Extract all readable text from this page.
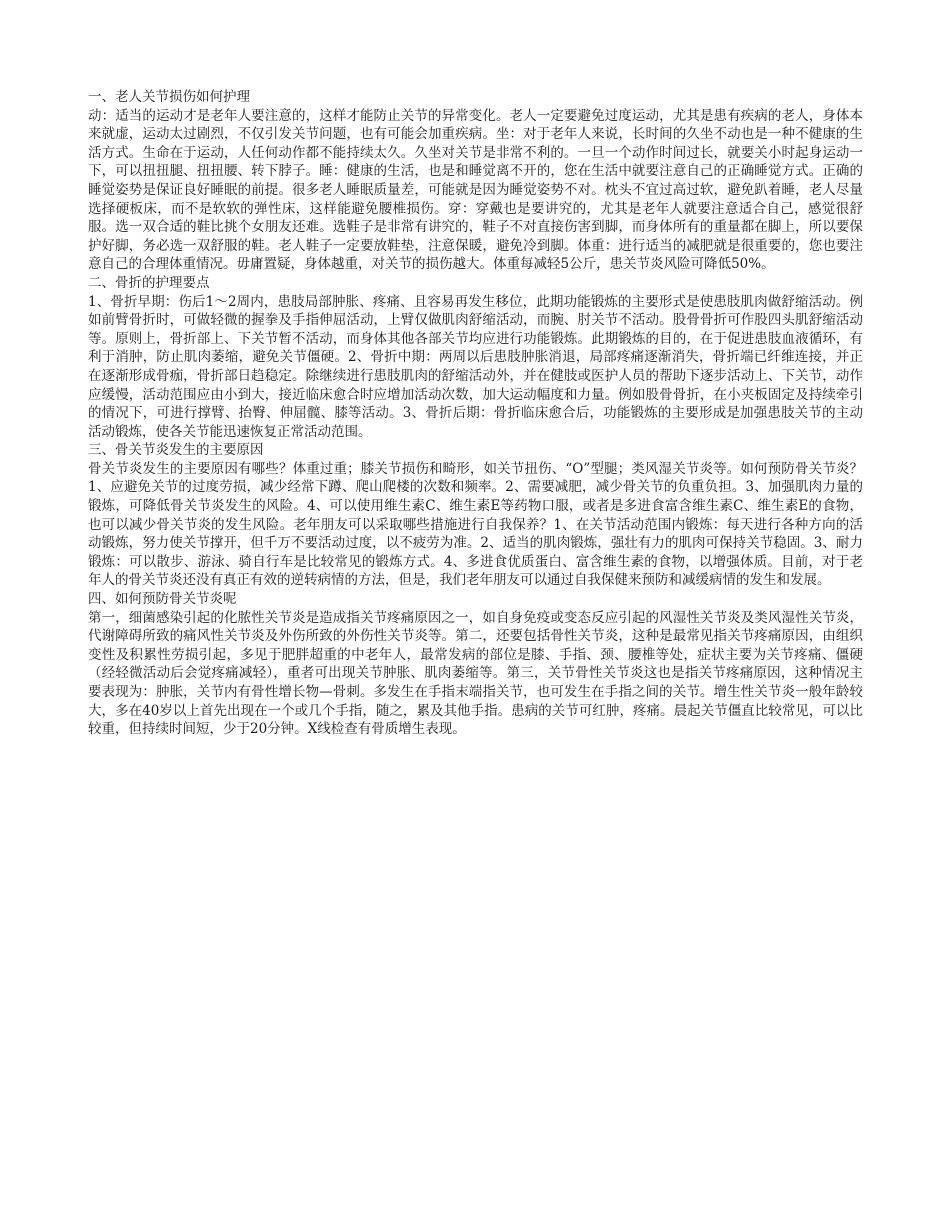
一、老人关节损伤如何护理

动：适当的运动才是老年人要注意的，这样才能防止关节的异常变化。老人一定要避免过度运动，尤其是患有疾病的老人，身体本来就虚，运动太过剧烈，不仅引发关节问题，也有可能会加重疾病。坐：对于老年人来说，长时间的久坐不动也是一种不健康的生活方式。生命在于运动，人任何动作都不能持续太久。久坐对关节是非常不利的。一旦一个动作时间过长，就要关小时起身运动一下，可以扭扭腿、扭扭腰、转下脖子。睡：健康的生活，也是和睡觉离不开的，您在生活中就要注意自己的正确睡觉方式。正确的睡觉姿势是保证良好睡眠的前提。很多老人睡眠质量差，可能就是因为睡觉姿势不对。枕头不宜过高过软，避免趴着睡，老人尽量选择硬板床，而不是软软的弹性床，这样能避免腰椎损伤。穿：穿戴也是要讲究的，尤其是老年人就要注意适合自己，感觉很舒服。选一双合适的鞋比挑个女朋友还难。选鞋子是非常有讲究的，鞋子不对直接伤害到脚，而身体所有的重量都在脚上，所以要保护好脚，务必选一双舒服的鞋。老人鞋子一定要放鞋垫，注意保暖，避免冷到脚。体重：进行适当的减肥就是很重要的，您也要注意自己的合理体重情况。毋庸置疑，身体越重，对关节的损伤越大。体重每减轻5公斤，患关节炎风险可降低50%。

二、骨折的护理要点

1、骨折早期：伤后1～2周内，患肢局部肿胀、疼痛、且容易再发生移位，此期功能锻炼的主要形式是使患肢肌肉做舒缩活动。例如前臂骨折时，可做轻微的握拳及手指伸屈活动，上臂仅做肌肉舒缩活动，而腕、肘关节不活动。股骨骨折可作股四头肌舒缩活动等。原则上，骨折部上、下关节暂不活动，而身体其他各部关节均应进行功能锻炼。此期锻炼的目的，在于促进患肢血液循环，有利于消肿，防止肌肉萎缩，避免关节僵硬。2、骨折中期：两周以后患肢肿胀消退，局部疼痛逐渐消失，骨折端已纤维连接，并正在逐渐形成骨痂，骨折部日趋稳定。除继续进行患肢肌肉的舒缩活动外，并在健肢或医护人员的帮助下逐步活动上、下关节，动作应缓慢，活动范围应由小到大，接近临床愈合时应增加活动次数，加大运动幅度和力量。例如股骨骨折，在小夹板固定及持续牵引的情况下，可进行撑臂、抬臀、伸屈髋、膝等活动。3、骨折后期：骨折临床愈合后，功能锻炼的主要形成是加强患肢关节的主动活动锻炼，使各关节能迅速恢复正常活动范围。

三、骨关节炎发生的主要原因

骨关节炎发生的主要原因有哪些？体重过重；膝关节损伤和畸形，如关节扭伤、“O”型腿；类风湿关节炎等。如何预防骨关节炎？1、应避免关节的过度劳损，减少经常下蹲、爬山爬楼的次数和频率。2、需要减肥，减少骨关节的负重负担。3、加强肌肉力量的锻炼，可降低骨关节炎发生的风险。4、可以使用维生素C、维生素E等药物口服，或者是多进食富含维生素C、维生素E的食物，也可以减少骨关节炎的发生风险。老年朋友可以采取哪些措施进行自我保养？1、在关节活动范围内锻炼：每天进行各种方向的活动锻炼，努力使关节撑开，但千万不要活动过度，以不疲劳为准。2、适当的肌肉锻炼，强壮有力的肌肉可保持关节稳固。3、耐力锻炼：可以散步、游泳、骑自行车是比较常见的锻炼方式。4、多进食优质蛋白、富含维生素的食物，以增强体质。目前，对于老年人的骨关节炎还没有真正有效的逆转病情的方法，但是，我们老年朋友可以通过自我保健来预防和减缓病情的发生和发展。

四、如何预防骨关节炎呢

第一，细菌感染引起的化脓性关节炎是造成指关节疼痛原因之一，如自身免疫或变态反应引起的风湿性关节炎及类风湿性关节炎，代谢障碍所致的痛风性关节炎及外伤所致的外伤性关节炎等。第二，还要包括骨性关节炎，这种是最常见指关节疼痛原因，由组织变性及积累性劳损引起，多见于肥胖超重的中老年人，最常发病的部位是膝、手指、颈、腰椎等处，症状主要为关节疼痛、僵硬（经轻微活动后会觉疼痛减轻），重者可出现关节肿胀、肌肉萎缩等。第三，关节骨性关节炎这也是指关节疼痛原因，这种情况主要表现为：肿胀，关节内有骨性增长物—骨刺。多发生在手指末端指关节，也可发生在手指之间的关节。增生性关节炎一般年龄较大，多在40岁以上首先出现在一个或几个手指，随之，累及其他手指。患病的关节可红肿，疼痛。晨起关节僵直比较常见，可以比较重，但持续时间短，少于20分钟。X线检查有骨质增生表现。
